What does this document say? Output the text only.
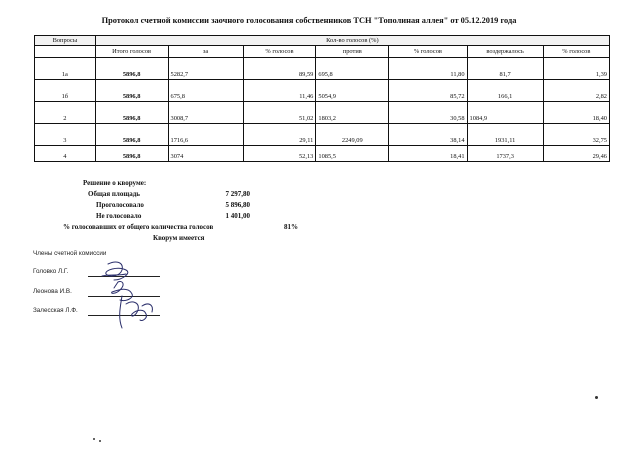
Протокол счетной комиссии заочного голосования собственников ТСН "Тополиная аллея" от 05.12.2019 года
Вопросы	Кол-во голосов (%)						
	Итого голосов	за	% голосов	против	% голосов	воздержалось	% голосов
1а	5896,8	5282,7	89,59	695,8	11,80	81,7	1,39
1б	5896,8	675,8	11,46	5054,9	85,72	166,1	2,82
2	5896,8	3008,7	51,02	1803,2	30,58	1084,9	18,40
3	5896,8	1716,6	29,11	2249,09	38,14	1931,11	32,75
4	5896,8	3074	52,13	1085,5	18,41	1737,3	29,46
Решение о кворуме:
Общая площадь	7 297,80
Проголосовало	5 896,80
Не голосовало	1 401,00
% голосовавших от общего количества голосов	81%
Кворум имеется
Члены счетной комиссии
Головко Л.Г.
Леонова И.В.
Залесская Л.Ф.
